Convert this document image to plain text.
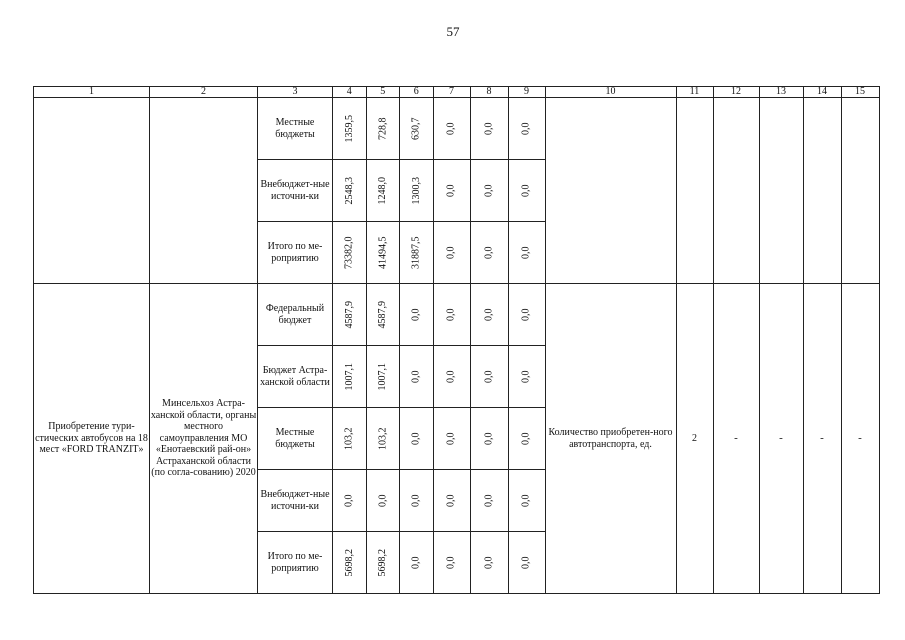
57
1	2	3	4	5	6	7	8	9	10	11	12	13	14	15
		Местные бюджеты	1359,5	728,8	630,7	0,0	0,0	0,0						
		Внебюджет-ные источни-ки	2548,3	1248,0	1300,3	0,0	0,0	0,0						
		Итого по ме-роприятию	73382,0	41494,5	31887,5	0,0	0,0	0,0						
Приобретение тури-стических автобусов на 18 мест «FORD TRANZIT»	Минсельхоз Астра-ханской области, органы местного самоуправления МО «Енотаевский рай-он» Астраханской области (по согла-сованию) 2020	Федеральный бюджет	4587,9	4587,9	0,0	0,0	0,0	0,0	Количество приобретен-ного автотранспорта, ед.	2	-	-	-	-
		Бюджет Астра-ханской области	1007,1	1007,1	0,0	0,0	0,0	0,0						
		Местные бюджеты	103,2	103,2	0,0	0,0	0,0	0,0						
		Внебюджет-ные источни-ки	0,0	0,0	0,0	0,0	0,0	0,0						
		Итого по ме-роприятию	5698,2	5698,2	0,0	0,0	0,0	0,0						
